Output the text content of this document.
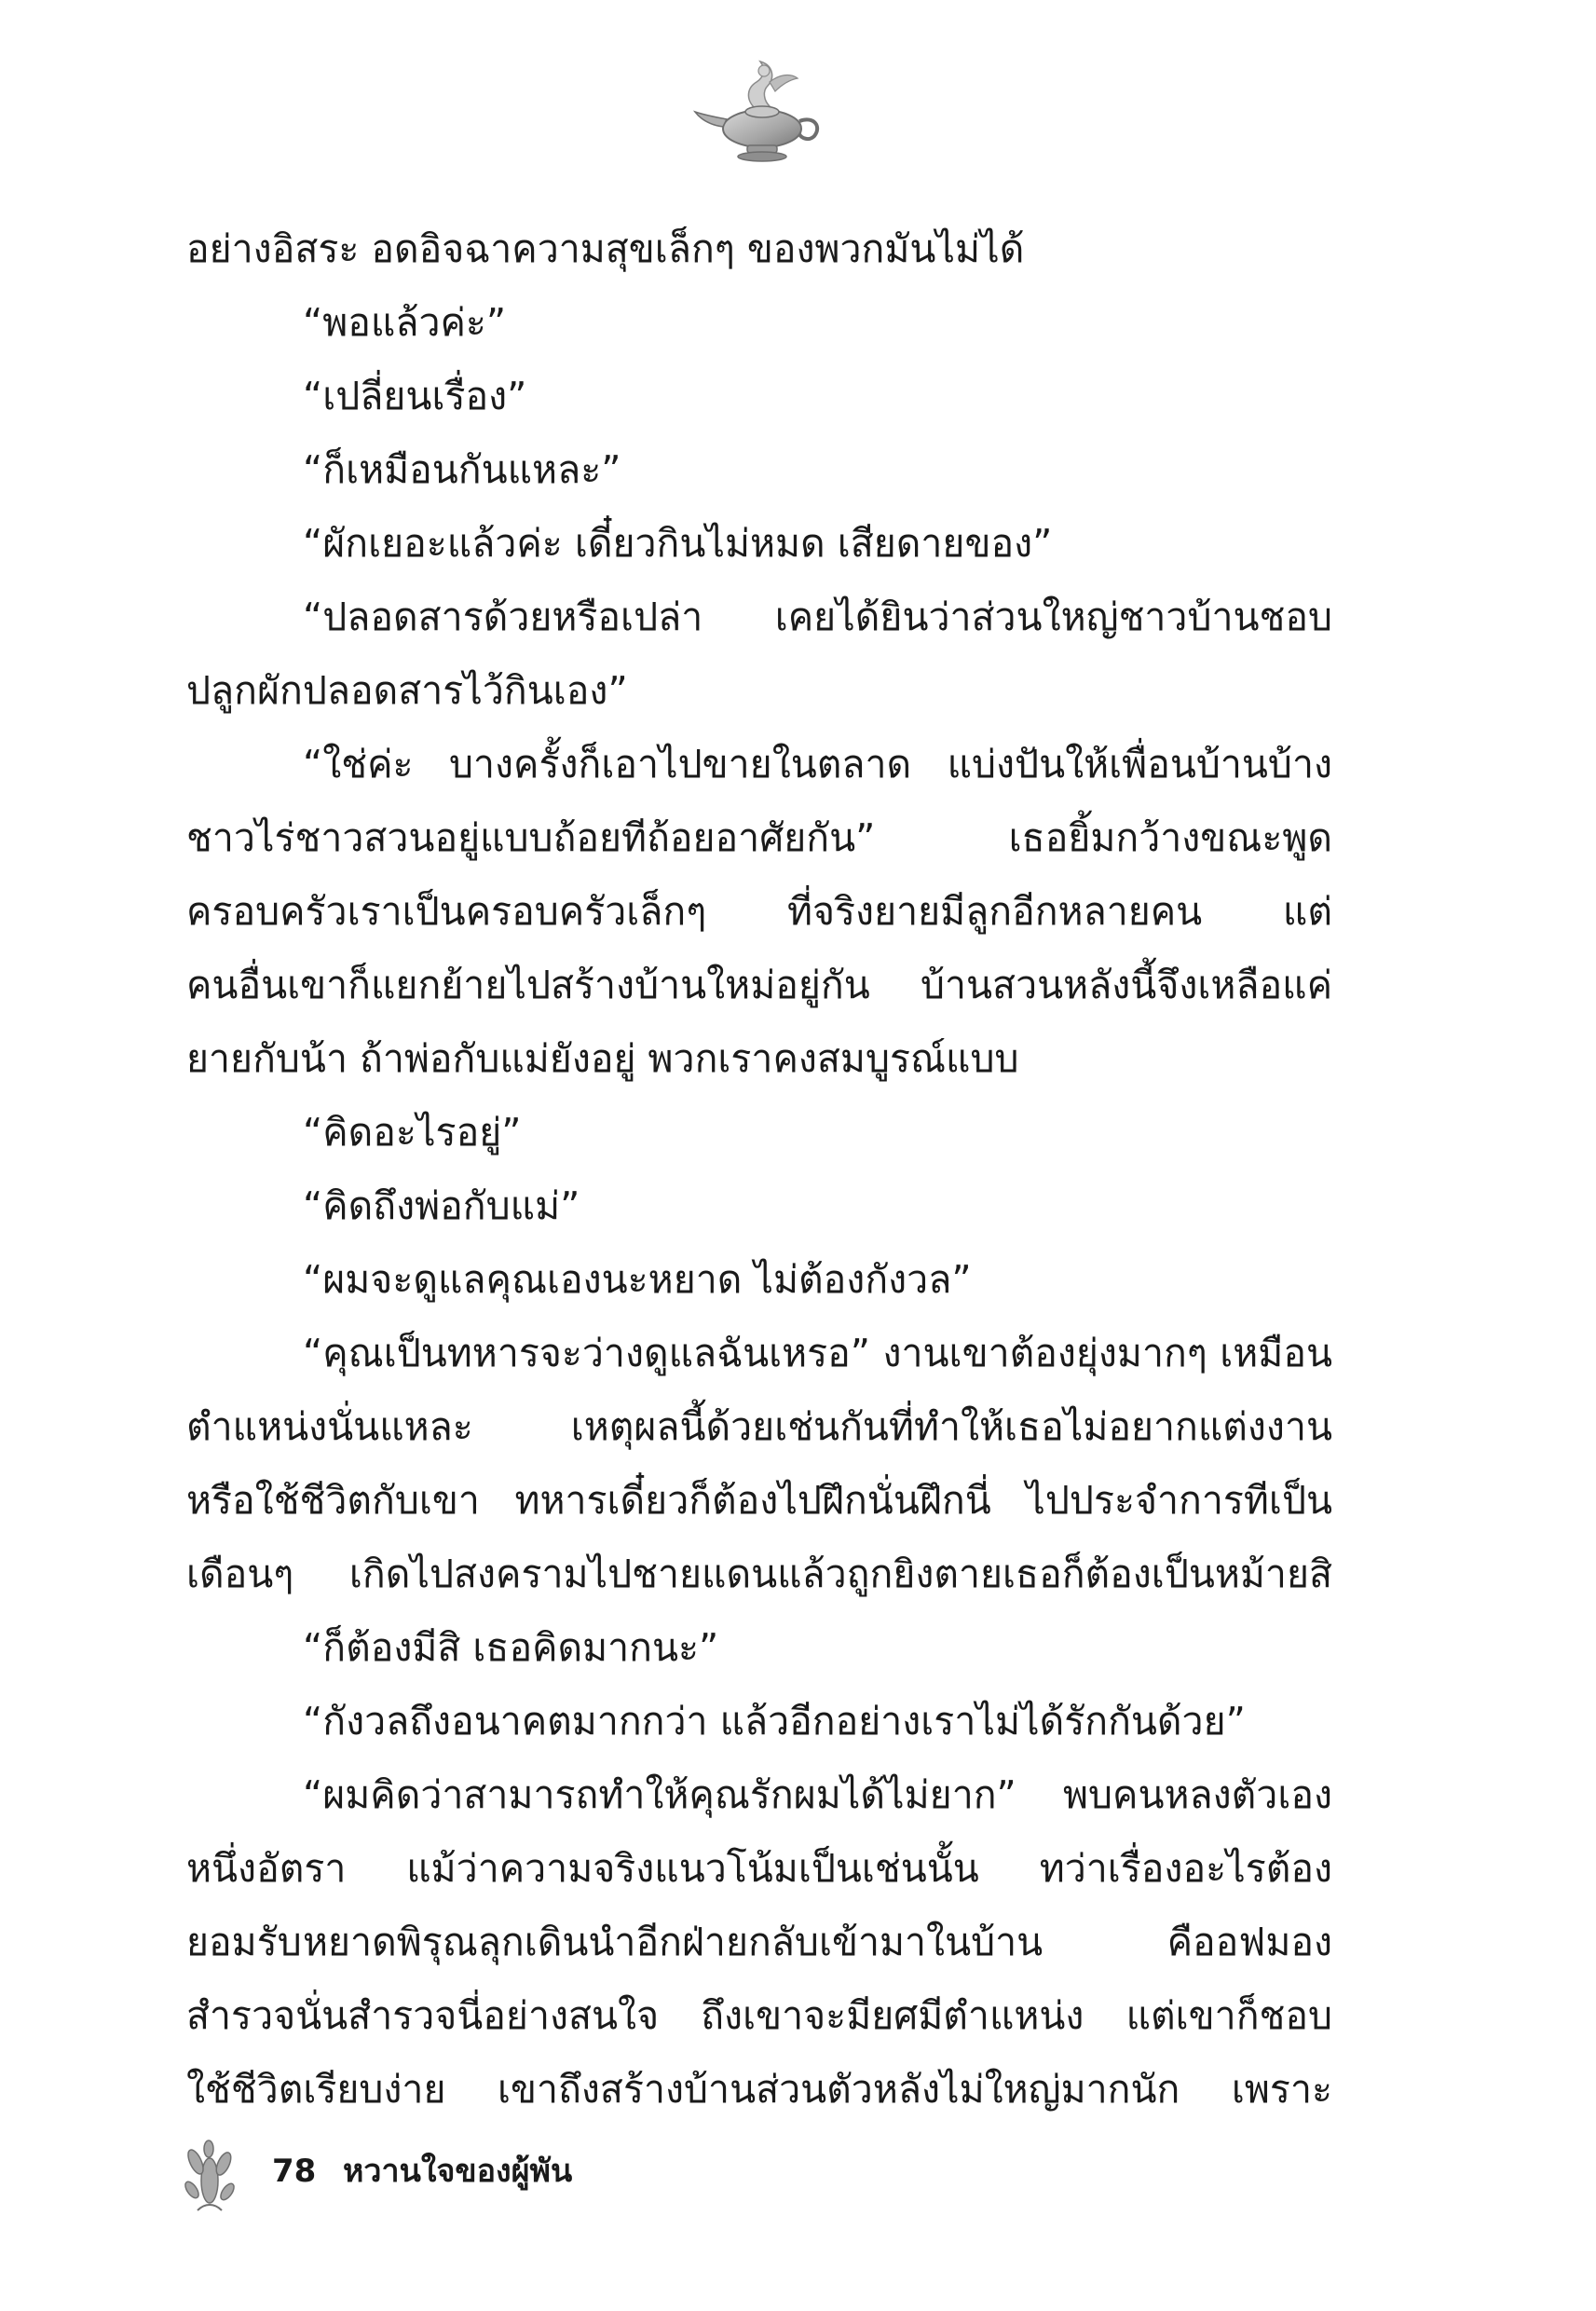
อย่างอิสระ อดอิจฉาความสุขเล็กๆ ของพวกมันไม่ได้
“พอแล้วค่ะ”
“เปลี่ยนเรื่อง”
“ก็เหมือนกันแหละ”
“ผักเยอะแล้วค่ะ เดี๋ยวกินไม่หมด เสียดายของ”
“ปลอดสารด้วยหรือเปล่า เคยได้ยินว่าส่วนใหญ่ชาวบ้านชอบ
ปลูกผักปลอดสารไว้กินเอง”
“ใช่ค่ะ บางครั้งก็เอาไปขายในตลาด แบ่งปันให้เพื่อนบ้านบ้าง
ชาวไร่ชาวสวนอยู่แบบถ้อยทีถ้อยอาศัยกัน” เธอยิ้มกว้างขณะพูด
ครอบครัวเราเป็นครอบครัวเล็กๆ ที่จริงยายมีลูกอีกหลายคน แต่
คนอื่นเขาก็แยกย้ายไปสร้างบ้านใหม่อยู่กัน บ้านสวนหลังนี้จึงเหลือแค่
ยายกับน้า ถ้าพ่อกับแม่ยังอยู่ พวกเราคงสมบูรณ์แบบ
“คิดอะไรอยู่”
“คิดถึงพ่อกับแม่”
“ผมจะดูแลคุณเองนะหยาด ไม่ต้องกังวล”
“คุณเป็นทหารจะว่างดูแลฉันเหรอ” งานเขาต้องยุ่งมากๆ เหมือน
ตำแหน่งนั่นแหละ เหตุผลนี้ด้วยเช่นกันที่ทำให้เธอไม่อยากแต่งงาน
หรือใช้ชีวิตกับเขา ทหารเดี๋ยวก็ต้องไปฝึกนั่นฝึกนี่ ไปประจำการทีเป็น
เดือนๆ เกิดไปสงครามไปชายแดนแล้วถูกยิงตายเธอก็ต้องเป็นหม้ายสิ
“ก็ต้องมีสิ เธอคิดมากนะ”
“กังวลถึงอนาคตมากกว่า แล้วอีกอย่างเราไม่ได้รักกันด้วย”
“ผมคิดว่าสามารถทำให้คุณรักผมได้ไม่ยาก” พบคนหลงตัวเอง
หนึ่งอัตรา แม้ว่าความจริงแนวโน้มเป็นเช่นนั้น ทว่าเรื่องอะไรต้องยอมรับ หยาดพิรุณลุกเดินนำอีกฝ่ายกลับเข้ามาในบ้าน คืออฟมอง
สำรวจนั่นสำรวจนี่อย่างสนใจ ถึงเขาจะมียศมีตำแหน่ง แต่เขาก็ชอบ
ใช้ชีวิตเรียบง่าย เขาถึงสร้างบ้านส่วนตัวหลังไม่ใหญ่มากนัก เพราะ
78 หวานใจของผู้พัน
